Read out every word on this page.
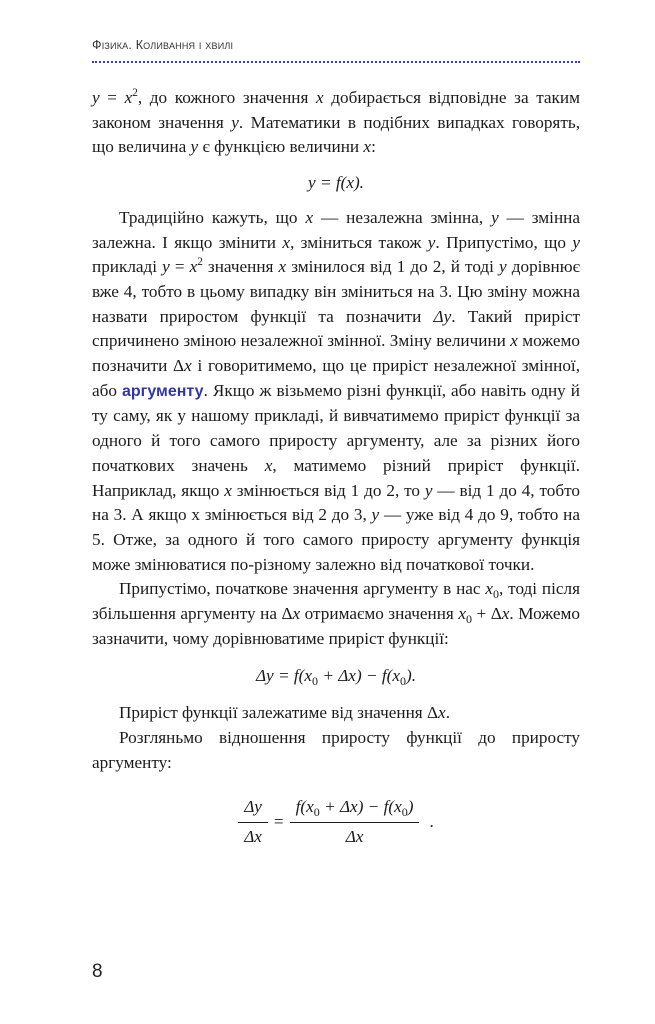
Фізика. Коливання і хвилі

$y = x^2$, до кожного значення x добирається відповідне за таким законом значення y. Математики в подібних випадках говорять, що величина y є функцією величини x:

y = f(x).

Традиційно кажуть, що x — незалежна змінна, y — змінна залежна. І якщо змінити x, зміниться також y. Припустімо, що y прикладі $y = x^2$ значення x змінилося від 1 до 2, й тоді y дорівнює вже 4, тобто в цьому випадку він зміниться на 3. Цю зміну можна назвати приростом функції та позначити Δy. Такий приріст спричинено зміною незалежної змінної. Зміну величини x можемо позначити Δx і говоритимемо, що це приріст незалежної змінної, або аргументу. Якщо ж візьмемо різні функції, або навіть одну й ту саму, як у нашому прикладі, й вивчатимемо приріст функції за одного й того самого приросту аргументу, але за різних його початкових значень x, матимемо різний приріст функції. Наприклад, якщо x змінюється від 1 до 2, то y — від 1 до 4, тобто на 3. А якщо х змінюється від 2 до 3, y — уже від 4 до 9, тобто на 5. Отже, за одного й того самого приросту аргументу функція може змінюватися по-різному залежно від початкової точки.

Припустімо, початкове значення аргументу в нас $x_0$, тоді після збільшення аргументу на Δx отримаємо значення $x_0 + \Delta x$. Можемо зазначити, чому дорівнюватиме приріст функції:

$\Delta y = f(x_0 + \Delta x) - f(x_0)$.

Приріст функції залежатиме від значення Δx.

Розгляньмо відношення приросту функції до приросту аргументу:

$\frac{\Delta y}{\Delta x} = \frac{f(x_0 + \Delta x) - f(x_0)}{\Delta x}$ .
8
